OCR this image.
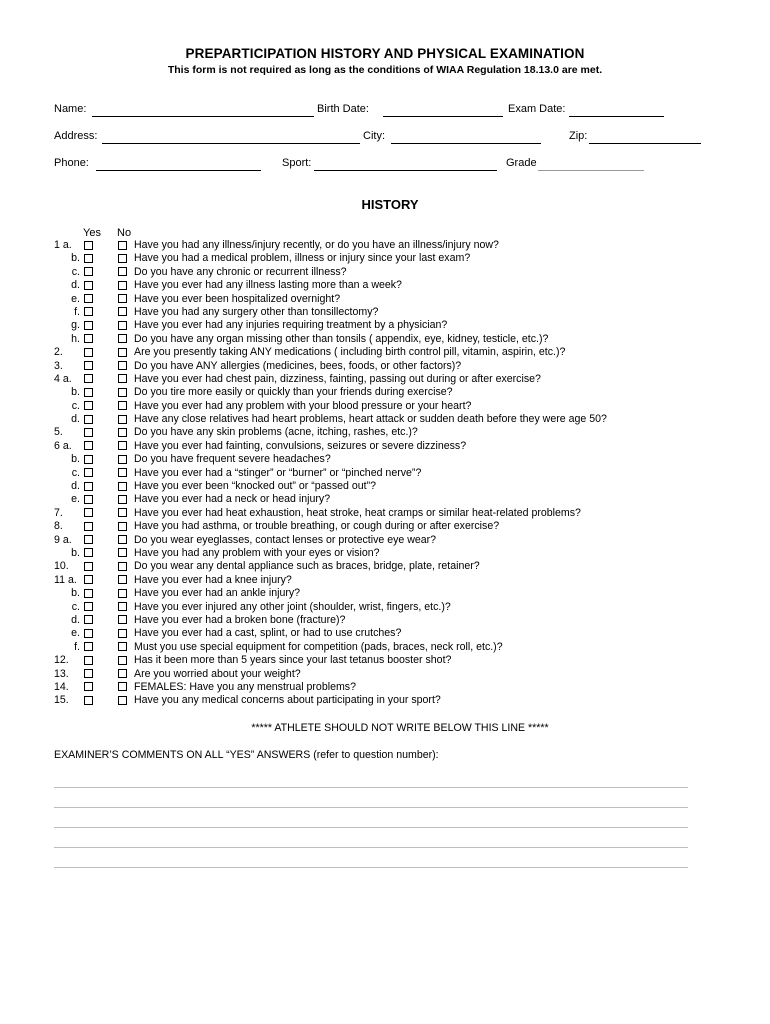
PREPARTICIPATION HISTORY AND PHYSICAL EXAMINATION
This form is not required as long as the conditions of WIAA Regulation 18.13.0 are met.
Name:	Birth Date:	Exam Date:
Address:	City:	Zip:
Phone:	Sport:	Grade
HISTORY
Yes No
1 a.	Have you had any illness/injury recently, or do you have an illness/injury now?
b.	Have you had a medical problem, illness or injury since your last exam?
c.	Do you have any chronic or recurrent illness?
d.	Have you ever had any illness lasting more than a week?
e.	Have you ever been hospitalized overnight?
f.	Have you had any surgery other than tonsillectomy?
g.	Have you ever had any injuries requiring treatment by a physician?
h.	Do you have any organ missing other than tonsils ( appendix, eye, kidney, testicle, etc.)?
2.	Are you presently taking ANY medications ( including birth control pill, vitamin, aspirin, etc.)?
3.	Do you have ANY allergies (medicines, bees, foods, or other factors)?
4 a.	Have you ever had chest pain, dizziness, fainting, passing out during or after exercise?
b.	Do you tire more easily or quickly than your friends during exercise?
c.	Have you ever had any problem with your blood pressure or your heart?
d.	Have any close relatives had heart problems, heart attack or sudden death before they were age 50?
5.	Do you have any skin problems (acne, itching, rashes, etc.)?
6 a.	Have you ever had fainting, convulsions, seizures or severe dizziness?
b.	Do you have frequent severe headaches?
c.	Have you ever had a “stinger” or “burner” or “pinched nerve”?
d.	Have you ever been “knocked out” or “passed out”?
e.	Have you ever had a neck or head injury?
7.	Have you ever had heat exhaustion, heat stroke, heat cramps or similar heat-related problems?
8.	Have you had asthma, or trouble breathing, or cough during or after exercise?
9 a.	Do you wear eyeglasses, contact lenses or protective eye wear?
b.	Have you had any problem with your eyes or vision?
10.	Do you wear any dental appliance such as braces, bridge, plate, retainer?
11 a.	Have you ever had a knee injury?
b.	Have you ever had an ankle injury?
c.	Have you ever injured any other joint (shoulder, wrist, fingers, etc.)?
d.	Have you ever had a broken bone (fracture)?
e.	Have you ever had a cast, splint, or had to use crutches?
f.	Must you use special equipment for competition (pads, braces, neck roll, etc.)?
12.	Has it been more than 5 years since your last tetanus booster shot?
13.	Are you worried about your weight?
14.	FEMALES: Have you any menstrual problems?
15.	Have you any medical concerns about participating in your sport?
***** ATHLETE SHOULD NOT WRITE BELOW THIS LINE *****
EXAMINER’S COMMENTS ON ALL “YES” ANSWERS (refer to question number):
